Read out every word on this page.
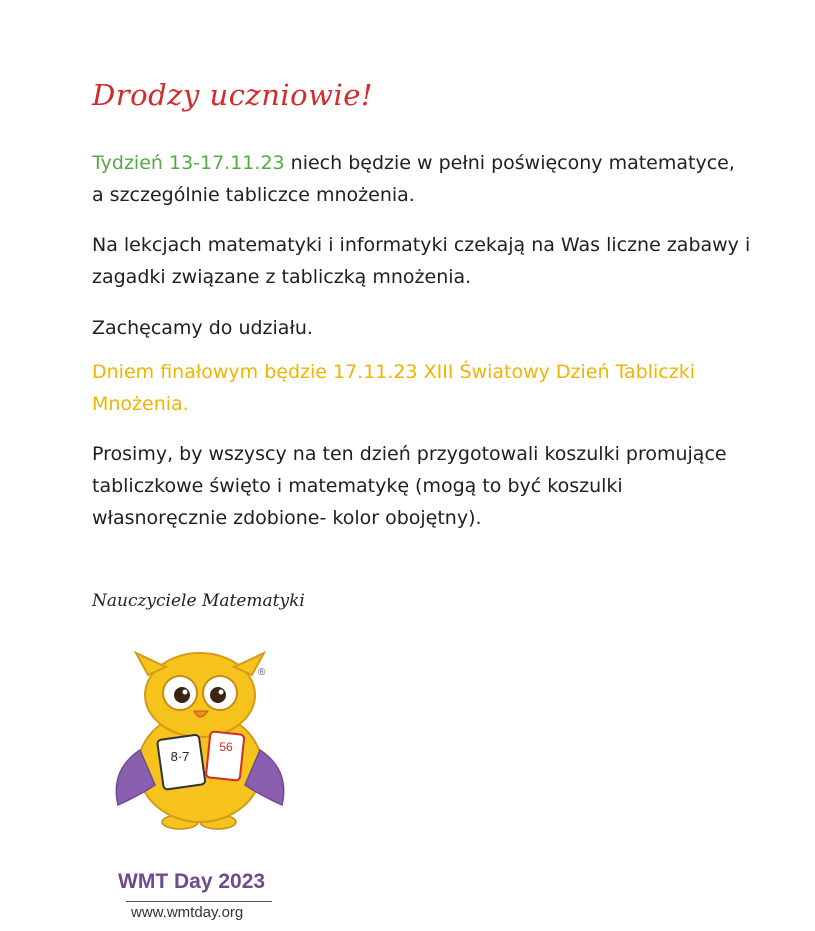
Drodzy uczniowie!

Tydzień 13-17.11.23 niech będzie w pełni poświęcony matematyce, a szczególnie tabliczce mnożenia.

Na lekcjach matematyki i informatyki czekają na Was liczne zabawy i zagadki związane z tabliczką mnożenia.

Zachęcamy do udziału.

Dniem finałowym będzie 17.11.23 XIII Światowy Dzień Tabliczki Mnożenia.

Prosimy, by wszyscy na ten dzień przygotowali koszulki promujące tabliczkowe święto i matematykę (mogą to być koszulki własnoręcznie zdobione- kolor obojętny).

Nauczyciele Matematyki
8·7
56
®
WMT Day 2023
www.wmtday.org
